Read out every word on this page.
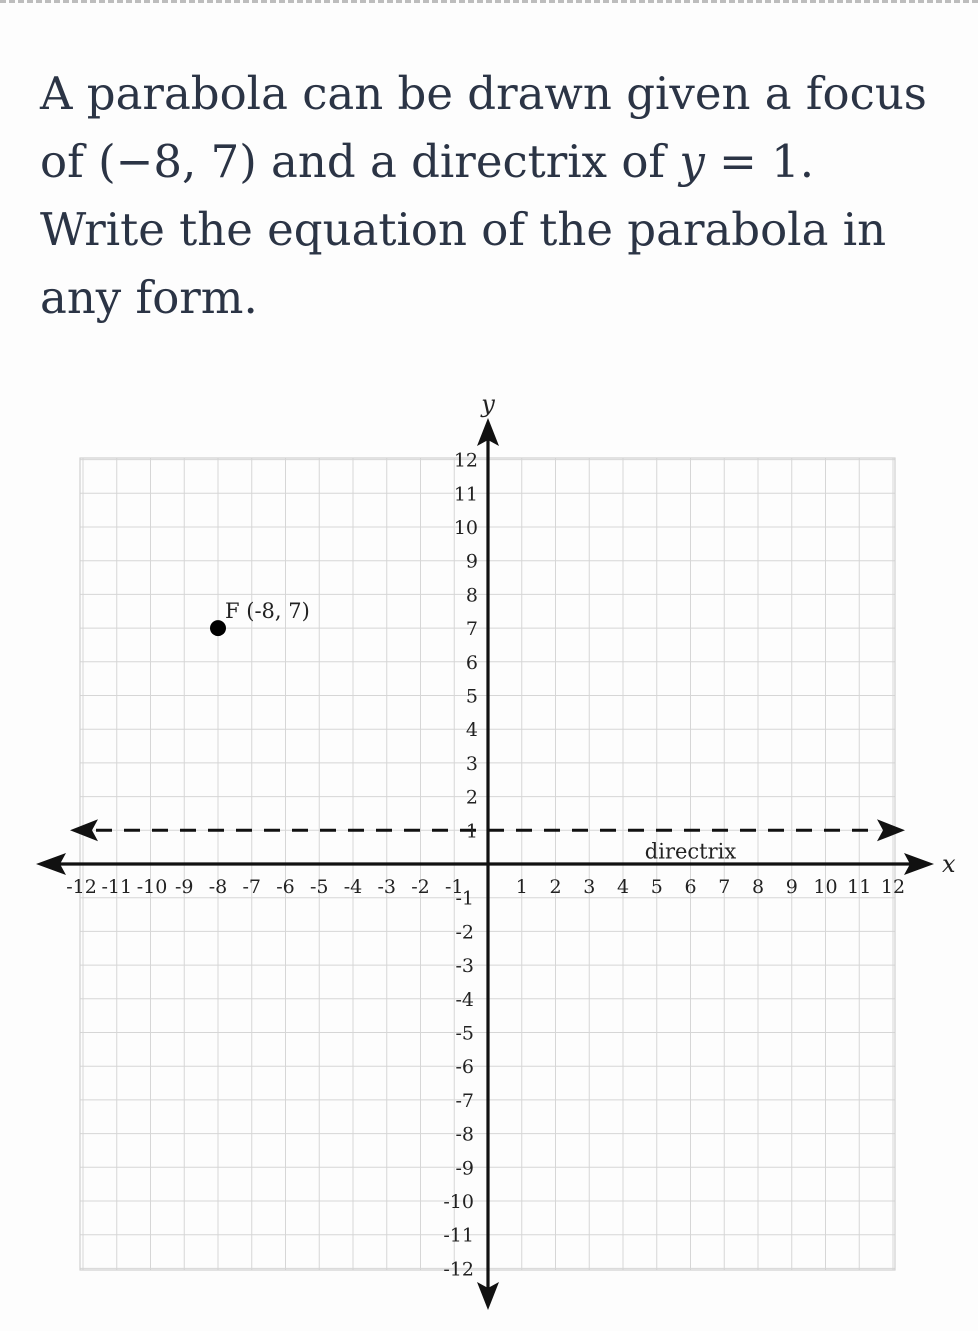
A parabola can be drawn given a focus of (−8, 7) and a directrix of y = 1. Write the equation of the parabola in any form.

directrix	x
y
-12 -11 -10 -9 -8 -7 -6 -5 -4 -3 -2 -1	1 2 3 4 5 6 7 8 9 10 11 12
12
11
10
9
8
7
6
5
4
3
2
1
-1
-2
-3
-4
-5
-6
-7
-8
-9
-10
-11
-12
F (-8, 7)
